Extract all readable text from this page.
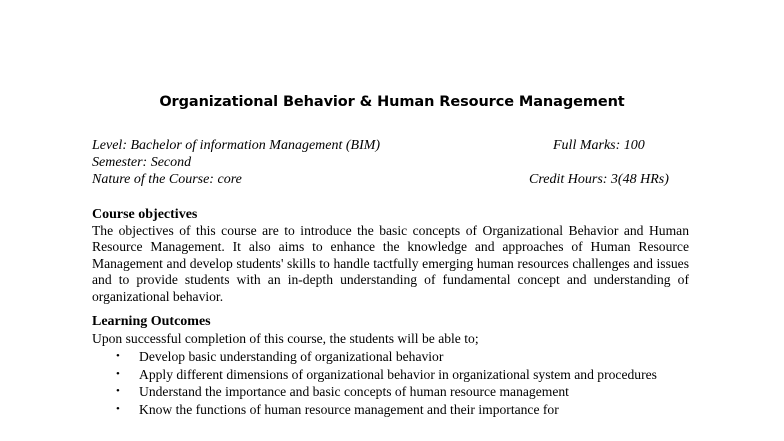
Organizational Behavior & Human Resource Management
Level: Bachelor of information Management (BIM)	Full Marks: 100
Semester: Second
Nature of the Course: core	Credit Hours: 3(48 HRs)
Course objectives
The objectives of this course are to introduce the basic concepts of Organizational Behavior and Human Resource Management. It also aims to enhance the knowledge and approaches of Human Resource Management and develop students' skills to handle tactfully emerging human resources challenges and issues and to provide students with an in-depth understanding of fundamental concept and understanding of organizational behavior.
Learning Outcomes
Upon successful completion of this course, the students will be able to;
• Develop basic understanding of organizational behavior
• Apply different dimensions of organizational behavior in organizational system and procedures
• Understand the importance and basic concepts of human resource management
• Know the functions of human resource management and their importance for
